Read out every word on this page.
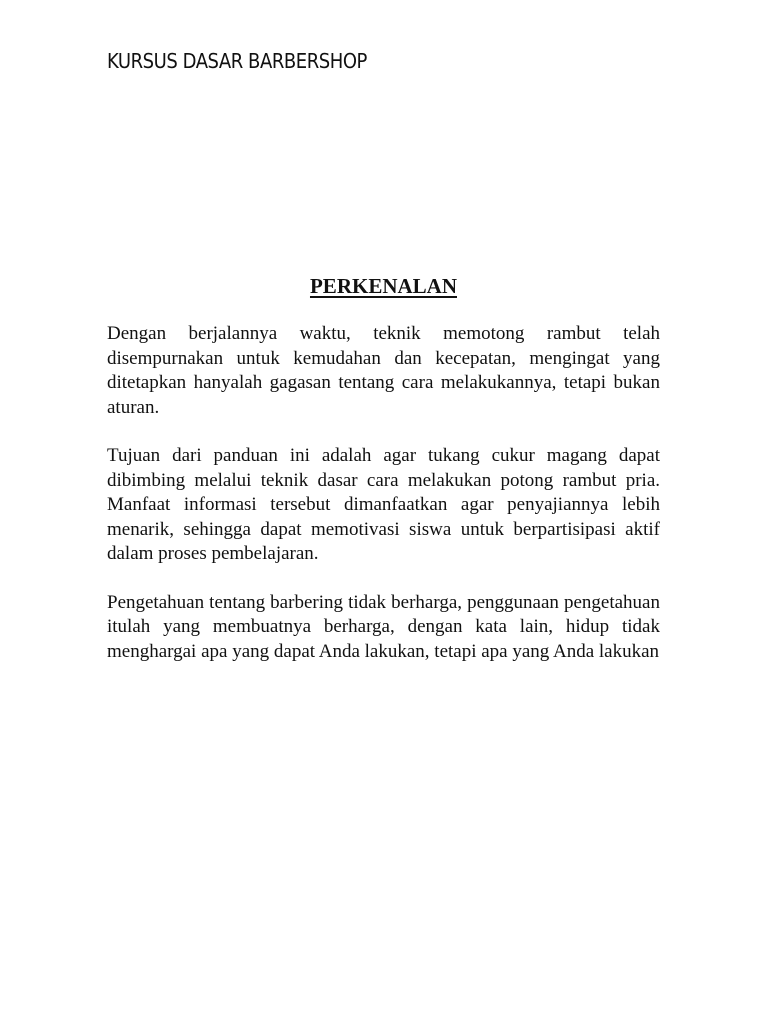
KURSUS DASAR BARBERSHOP
PERKENALAN

Dengan berjalannya waktu, teknik memotong rambut telah disempurnakan untuk kemudahan dan kecepatan, mengingat yang ditetapkan hanyalah gagasan tentang cara melakukannya, tetapi bukan aturan.

Tujuan dari panduan ini adalah agar tukang cukur magang dapat dibimbing melalui teknik dasar cara melakukan potong rambut pria. Manfaat informasi tersebut dimanfaatkan agar penyajiannya lebih menarik, sehingga dapat memotivasi siswa untuk berpartisipasi aktif dalam proses pembelajaran.

Pengetahuan tentang barbering tidak berharga, penggunaan pengetahuan itulah yang membuatnya berharga, dengan kata lain, hidup tidak menghargai apa yang dapat Anda lakukan, tetapi apa yang Anda lakukan
